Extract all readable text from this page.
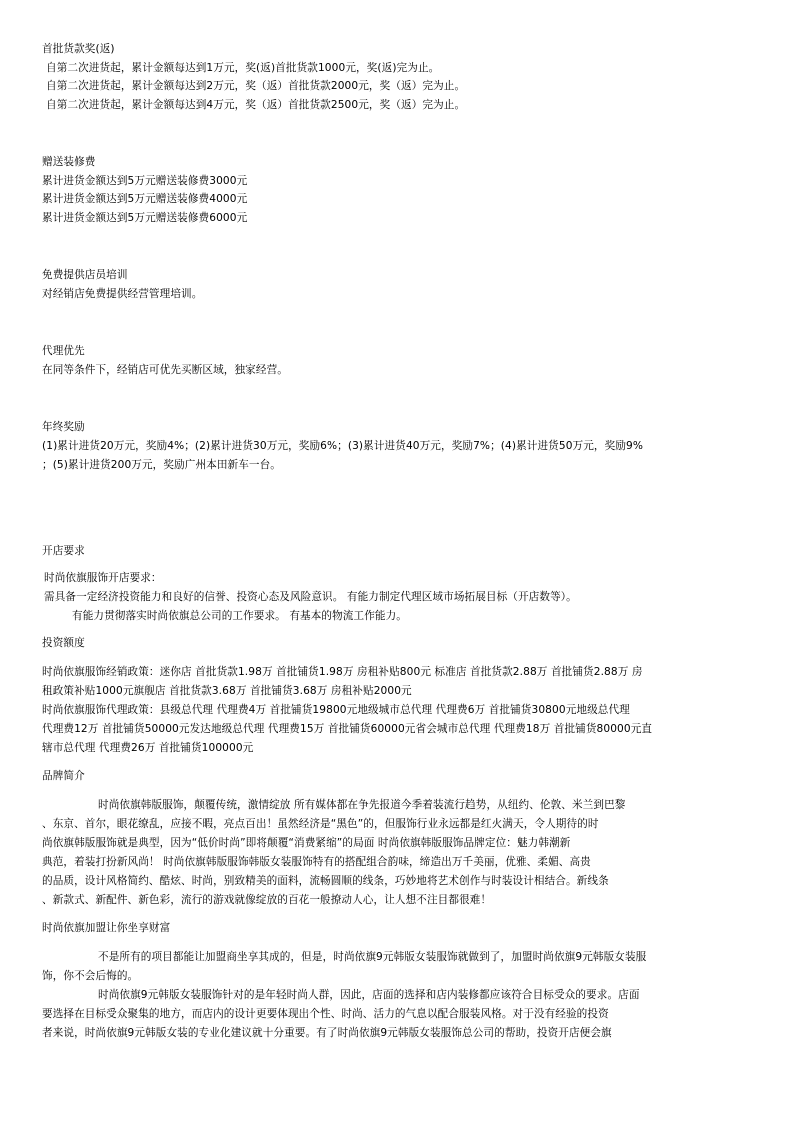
首批货款奖(返)
自第二次进货起，累计金额每达到1万元，奖(返)首批货款1000元，奖(返)完为止。
自第二次进货起，累计金额每达到2万元，奖（返）首批货款2000元，奖（返）完为止。
自第二次进货起，累计金额每达到4万元，奖（返）首批货款2500元，奖（返）完为止。
赠送装修费
累计进货金额达到5万元赠送装修费3000元
累计进货金额达到5万元赠送装修费4000元
累计进货金额达到5万元赠送装修费6000元
免费提供店员培训
对经销店免费提供经营管理培训。
代理优先
在同等条件下，经销店可优先买断区域，独家经营。
年终奖励
(1)累计进货20万元，奖励4%；(2)累计进货30万元，奖励6%；(3)累计进货40万元，奖励7%；(4)累计进货50万元，奖励9%
；(5)累计进货200万元，奖励广州本田新车一台。
开店要求
时尚依旗服饰开店要求：
需具备一定经济投资能力和良好的信誉、投资心态及风险意识。 有能力制定代理区域市场拓展目标（开店数等）。
有能力贯彻落实时尚依旗总公司的工作要求。 有基本的物流工作能力。
投资额度
时尚依旗服饰经销政策：迷你店 首批货款1.98万 首批铺货1.98万 房租补贴800元 标准店 首批货款2.88万 首批铺货2.88万 房
租政策补贴1000元旗舰店 首批货款3.68万 首批铺货3.68万 房租补贴2000元
时尚依旗服饰代理政策：县级总代理 代理费4万 首批铺货19800元地级城市总代理 代理费6万 首批铺货30800元地级总代理
代理费12万 首批铺货50000元发达地级总代理 代理费15万 首批铺货60000元省会城市总代理 代理费18万 首批铺货80000元直
辖市总代理 代理费26万 首批铺货100000元
品牌简介
时尚依旗韩版服饰，颠覆传统，激情绽放 所有媒体都在争先报道今季着装流行趋势，从纽约、伦敦、米兰到巴黎
、东京、首尔，眼花缭乱，应接不暇，亮点百出！虽然经济是“黑色”的，但服饰行业永远都是红火满天，令人期待的时
尚依旗韩版服饰就是典型，因为“低价时尚”即将颠覆“消费紧缩”的局面 时尚依旗韩版服饰品牌定位：魅力韩潮新
典范，着装打扮新风尚！ 时尚依旗韩版服饰韩版女装服饰特有的搭配组合韵味，缔造出万千美丽，优雅、柔媚、高贵
的品质，设计风格简约、酷炫、时尚，别致精美的面料，流畅圆顺的线条，巧妙地将艺术创作与时装设计相结合。新线条
、新款式、新配件、新色彩，流行的游戏就像绽放的百花一般撩动人心，让人想不注目都很难！
时尚依旗加盟让你坐享财富
不是所有的项目都能让加盟商坐享其成的，但是，时尚依旗9元韩版女装服饰就做到了，加盟时尚依旗9元韩版女装服
饰，你不会后悔的。
时尚依旗9元韩版女装服饰针对的是年轻时尚人群，因此，店面的选择和店内装修都应该符合目标受众的要求。店面
要选择在目标受众聚集的地方，而店内的设计更要体现出个性、时尚、活力的气息以配合服装风格。对于没有经验的投资
者来说，时尚依旗9元韩版女装的专业化建议就十分重要。有了时尚依旗9元韩版女装服饰总公司的帮助，投资开店便会旗
